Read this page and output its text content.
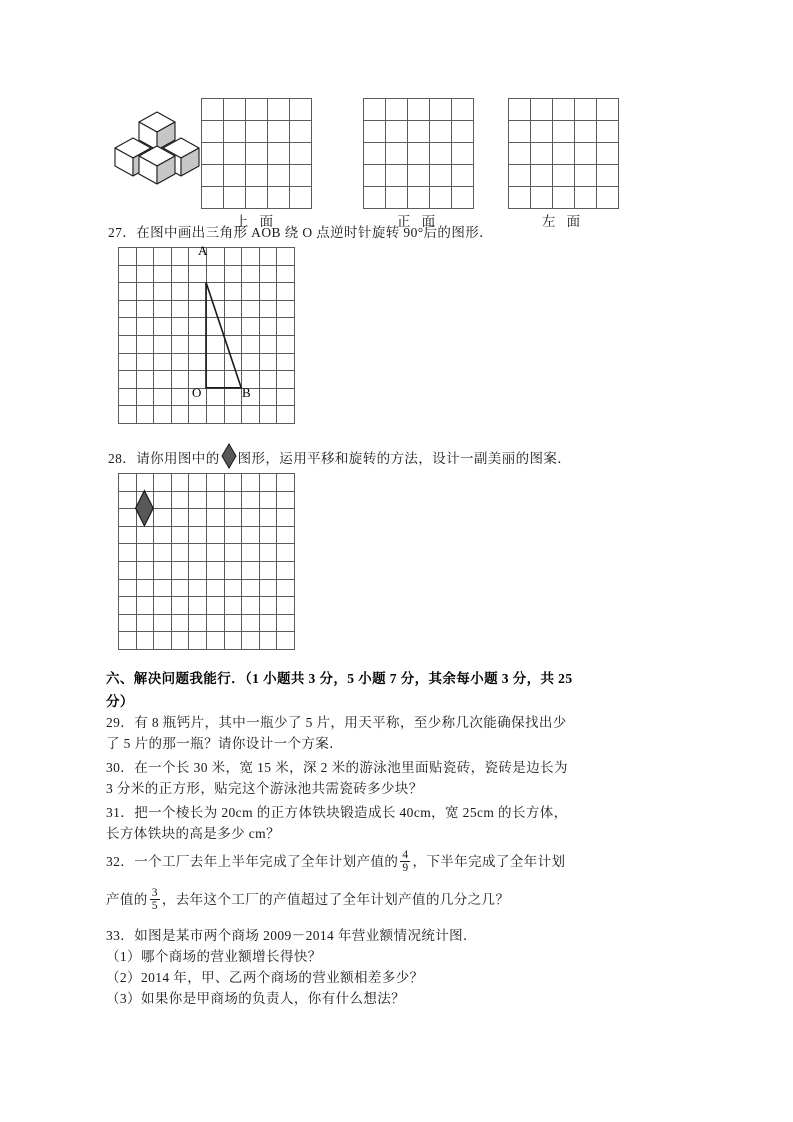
上 面	正 面	左 面
27．在图中画出三角形 AOB 绕 O 点逆时针旋转 90°后的图形．
A
O	B
28．请你用图中的 图形，运用平移和旋转的方法，设计一副美丽的图案．
六、解决问题我能行．（1 小题共 3 分，5 小题 7 分，其余每小题 3 分，共 25
分）
29．有 8 瓶钙片，其中一瓶少了 5 片，用天平称，至少称几次能确保找出少
了 5 片的那一瓶？请你设计一个方案．
30．在一个长 30 米，宽 15 米，深 2 米的游泳池里面贴瓷砖，瓷砖是边长为
3 分米的正方形，贴完这个游泳池共需瓷砖多少块？
31．把一个棱长为 20cm 的正方体铁块锻造成长 40cm，宽 25cm 的长方体，
长方体铁块的高是多少 cm？
32．一个工厂去年上半年完成了全年计划产值的 $\frac{4}{9}$ ，下半年完成了全年计划
产值的 $\frac{3}{5}$ ，去年这个工厂的产值超过了全年计划产值的几分之几？
33．如图是某市两个商场 2009－2014 年营业额情况统计图．
（1）哪个商场的营业额增长得快？
（2）2014 年，甲、乙两个商场的营业额相差多少？
（3）如果你是甲商场的负责人，你有什么想法？
